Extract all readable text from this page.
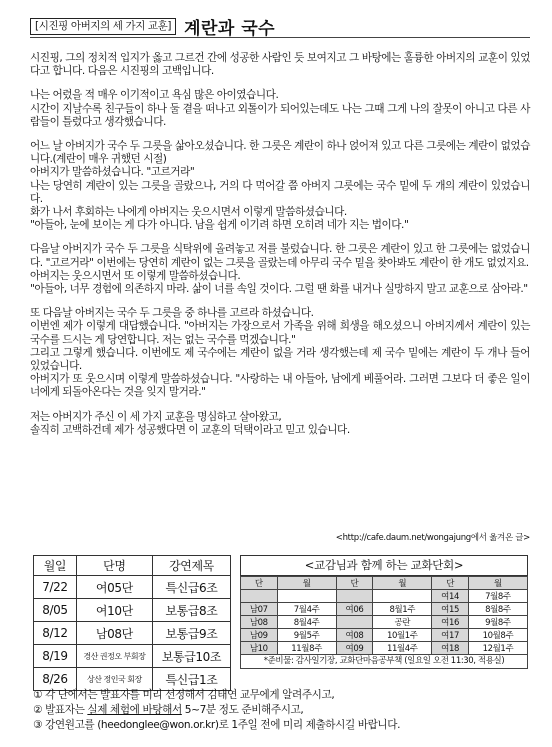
[시진핑 아버지의 세 가지 교훈] 계란과 국수

시진핑, 그의 정치적 입지가 옳고 그르건 간에 성공한 사람인 듯 보여지고 그 바탕에는 훌륭한 아버지의 교훈이 있었다고 합니다. 다음은 시진핑의 고백입니다.

나는 어렸을 적 매우 이기적이고 욕심 많은 아이였습니다.

시간이 지날수록 친구들이 하나 둘 곁을 떠나고 외톨이가 되어있는데도 나는 그때 그게 나의 잘못이 아니고 다른 사람들이 틀렸다고 생각했습니다.

어느 날 아버지가 국수 두 그릇을 삶아오셨습니다. 한 그릇은 계란이 하나 얹어져 있고 다른 그릇에는 계란이 없었습니다.(계란이 매우 귀했던 시절)

아버지가 말씀하셨습니다. "고르거라"

나는 당연히 계란이 있는 그릇을 골랐으나, 거의 다 먹어갈 쯤 아버지 그릇에는 국수 밑에 두 개의 계란이 있었습니다.

화가 나서 후회하는 나에게 아버지는 웃으시면서 이렇게 말씀하셨습니다.

"아들아, 눈에 보이는 게 다가 아니다. 남을 쉽게 이기려 하면 오히려 네가 지는 법이다."

다음날 아버지가 국수 두 그릇을 식탁위에 올려놓고 저를 불렀습니다. 한 그릇은 계란이 있고 한 그릇에는 없었습니다. "고르거라" 이번에는 당연히 계란이 없는 그릇을 골랐는데 아무리 국수 밑을 찾아봐도 계란이 한 개도 없었지요.

아버지는 웃으시면서 또 이렇게 말씀하셨습니다.

"아들아, 너무 경험에 의존하지 마라. 삶이 너를 속일 것이다. 그럴 땐 화를 내거나 실망하지 말고 교훈으로 삼아라."

또 다음날 아버지는 국수 두 그릇을 중 하나를 고르라 하셨습니다.

이번엔 제가 이렇게 대답했습니다. "아버지는 가장으로서 가족을 위해 희생을 해오셨으니 아버지께서 계란이 있는 국수를 드시는 게 당연합니다. 저는 없는 국수를 먹겠습니다."

그리고 그렇게 했습니다. 이번에도 제 국수에는 계란이 없을 거라 생각했는데 제 국수 밑에는 계란이 두 개나 들어 있었습니다.

아버지가 또 웃으시며 이렇게 말씀하셨습니다. "사랑하는 내 아들아, 남에게 베풀어라. 그러면 그보다 더 좋은 일이 너에게 되돌아온다는 것을 잊지 말거라."

저는 아버지가 주신 이 세 가지 교훈을 명심하고 살아왔고,

솔직히 고백하건데 제가 성공했다면 이 교훈의 덕택이라고 믿고 있습니다.

<http://cafe.daum.net/wongajung에서 옮겨온 글>
월일	단명	강연제목
7/22	여05단	특신급6조
8/05	여10단	보통급8조
8/12	남08단	보통급9조
8/19	경산 권정오 부회장	보통급10조
8/26	상산 정인국 회장	특신급1조
<교감님과 함께 하는 교화단회>
단	월	단	월	단	월
				여14	7월8주
남07	7월4주	여06	8월1주	여15	8월8주
남08	8월4주		공란	여16	9월8주
남09	9월5주	여08	10월1주	여17	10월8주
남10	11월8주	여09	11월4주	여18	12월1주
*준비물: 감사일기장, 교화단마음공부책 (일요일 오전 11:30, 적용실)

① 각 단에서는 발표자를 미리 선정해서 김태연 교무에게 알려주시고,

② 발표자는 실제 체험에 바탕해서 5~7분 정도 준비해주시고,

③ 강연원고를 (heedonglee@won.or.kr)로 1주일 전에 미리 제출하시길 바랍니다.
